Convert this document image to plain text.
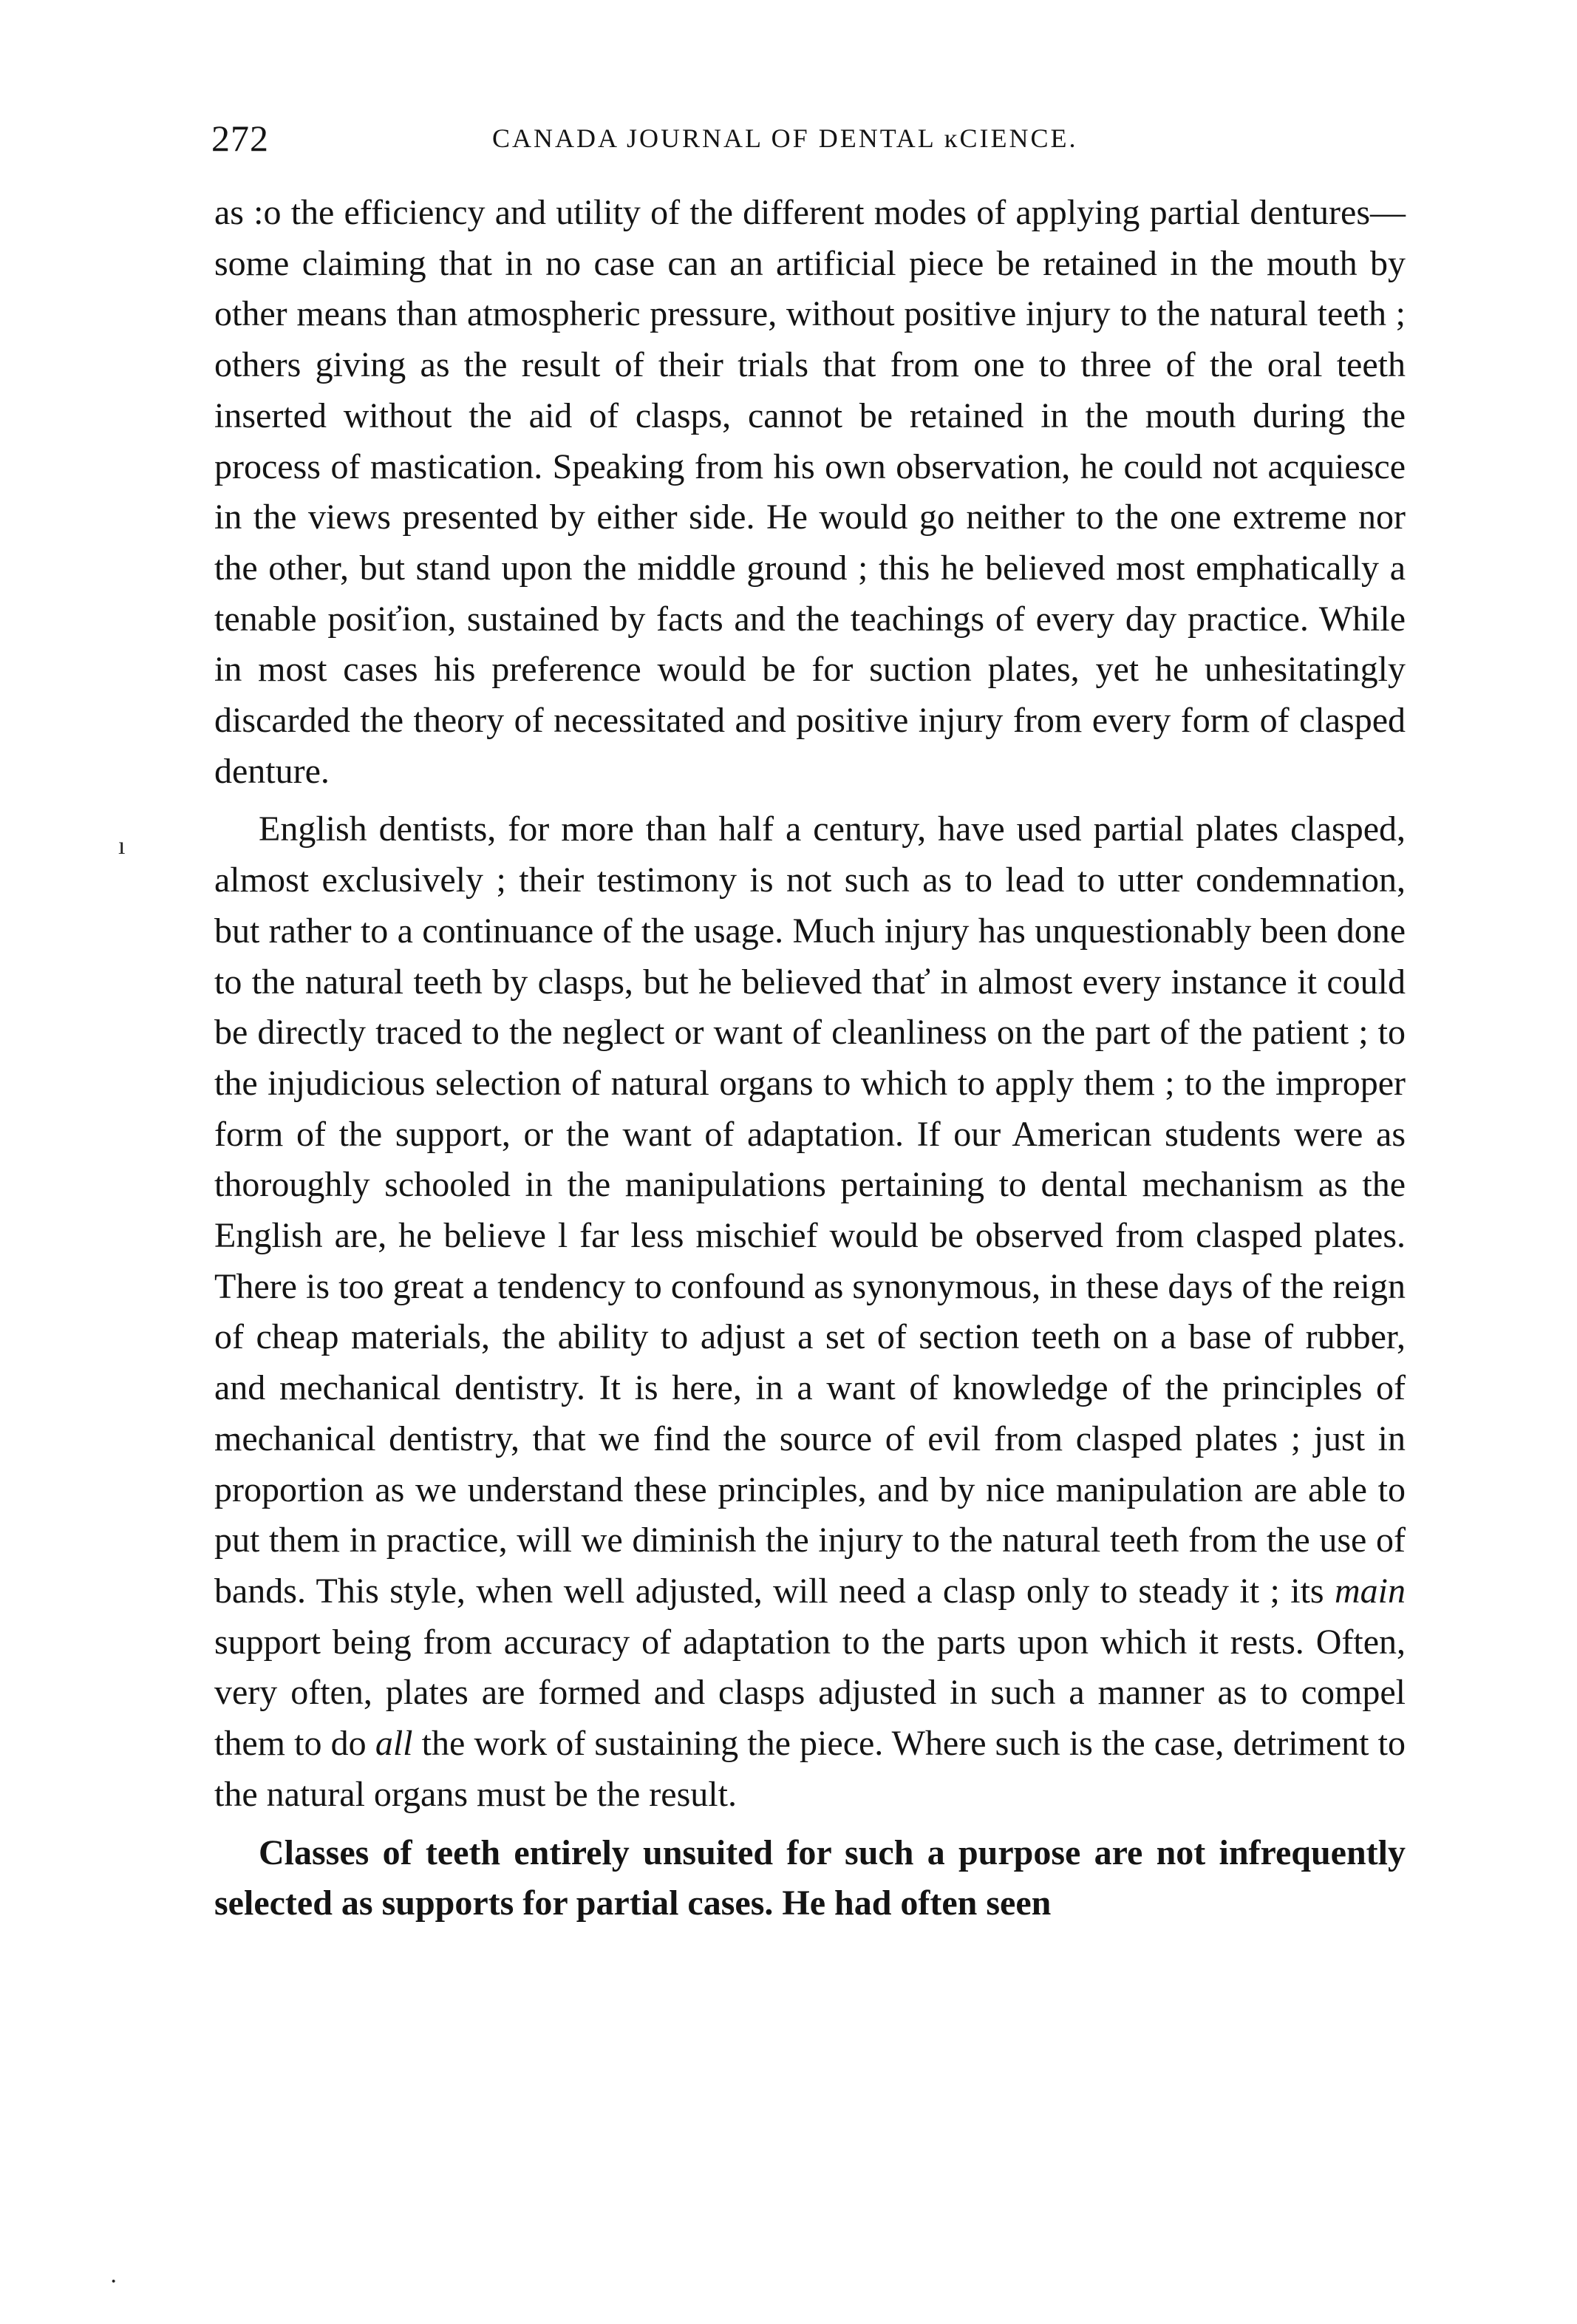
272	CANADA JOURNAL OF DENTAL ĸCIENCE.

as :o the efficiency and utility of the different modes of applying partial dentures—some claiming that in no case can an artificial piece be retained in the mouth by other means than atmospheric pressure, without positive injury to the natural teeth ; others giving as the result of their trials that from one to three of the oral teeth inserted without the aid of clasps, cannot be retained in the mouth during the process of mastication. Speaking from his own observation, he could not acquiesce in the views presented by either side. He would go neither to the one extreme nor the other, but stand upon the middle ground ; this he believed most emphatically a tenable posiťion, sustained by facts and the teachings of every day practice. While in most cases his preference would be for suction plates, yet he unhesitatingly discarded the theory of necessitated and positive injury from every form of clasped denture.

English dentists, for more than half a century, have used partial plates clasped, almost exclusively ; their testimony is not such as to lead to utter condemnation, but rather to a continuance of the usage. Much injury has unquestionably been done to the natural teeth by clasps, but he believed thať in almost every instance it could be directly traced to the neglect or want of cleanliness on the part of the patient ; to the injudicious selection of natural organs to which to apply them ; to the improper form of the support, or the want of adaptation. If our American students were as thoroughly schooled in the manipulations pertaining to dental mechanism as the English are, he believe l far less mischief would be observed from clasped plates. There is too great a tendency to confound as synonymous, in these days of the reign of cheap materials, the ability to adjust a set of section teeth on a base of rubber, and mechanical dentistry. It is here, in a want of knowledge of the principles of mechanical dentistry, that we find the source of evil from clasped plates ; just in proportion as we understand these principles, and by nice manipulation are able to put them in practice, will we diminish the injury to the natural teeth from the use of bands. This style, when well adjusted, will need a clasp only to steady it ; its main support being from accuracy of adaptation to the parts upon which it rests. Often, very often, plates are formed and clasps adjusted in such a manner as to compel them to do all the work of sustaining the piece. Where such is the case, detriment to the natural organs must be the result.

Classes of teeth entirely unsuited for such a purpose are not infrequently selected as supports for partial cases. He had often seen

ı
·
